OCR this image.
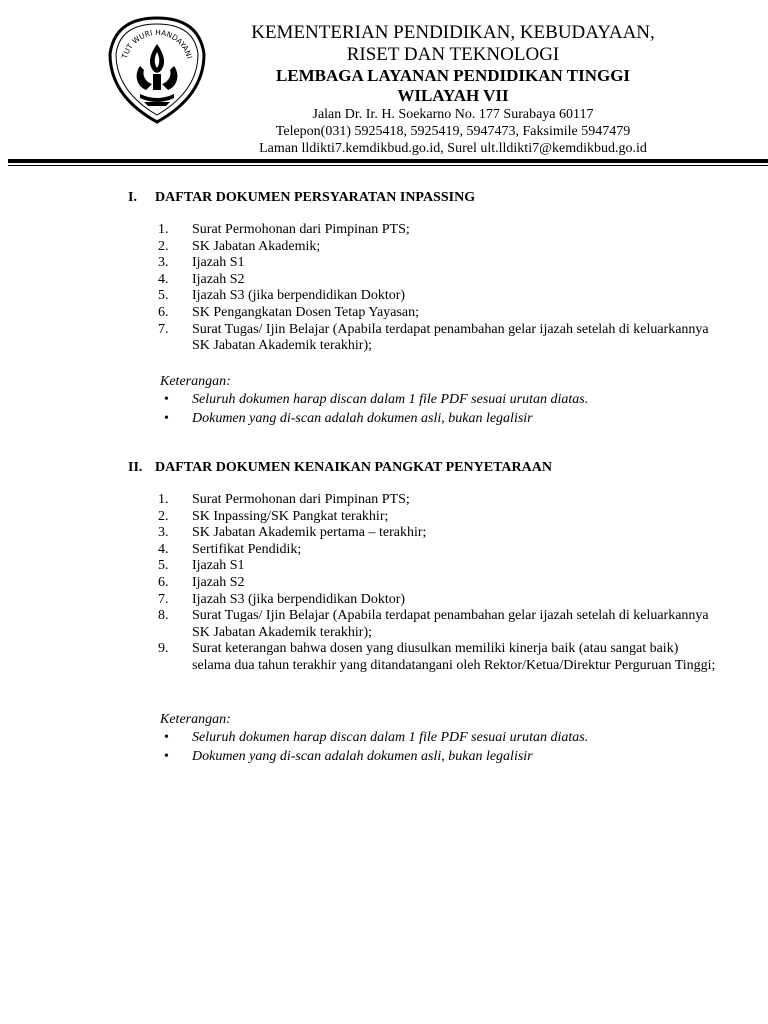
TUT WURI HANDAYANI
KEMENTERIAN PENDIDIKAN, KEBUDAYAAN,
RISET DAN TEKNOLOGI
LEMBAGA LAYANAN PENDIDIKAN TINGGI
WILAYAH VII
Jalan Dr. Ir. H. Soekarno No. 177 Surabaya 60117
Telepon(031) 5925418, 5925419, 5947473, Faksimile 5947479
Laman lldikti7.kemdikbud.go.id, Surel ult.lldikti7@kemdikbud.go.id
I. DAFTAR DOKUMEN PERSYARATAN INPASSING
1.	Surat Permohonan dari Pimpinan PTS;
2.	SK Jabatan Akademik;
3.	Ijazah S1
4.	Ijazah S2
5.	Ijazah S3 (jika berpendidikan Doktor)
6.	SK Pengangkatan Dosen Tetap Yayasan;
7.	Surat Tugas/ Ijin Belajar (Apabila terdapat penambahan gelar ijazah setelah di keluarkannya SK Jabatan Akademik terakhir);
Keterangan:
•	Seluruh dokumen harap discan dalam 1 file PDF sesuai urutan diatas.
•	Dokumen yang di-scan adalah dokumen asli, bukan legalisir
II. DAFTAR DOKUMEN KENAIKAN PANGKAT PENYETARAAN
1.	Surat Permohonan dari Pimpinan PTS;
2.	SK Inpassing/SK Pangkat terakhir;
3.	SK Jabatan Akademik pertama – terakhir;
4.	Sertifikat Pendidik;
5.	Ijazah S1
6.	Ijazah S2
7.	Ijazah S3 (jika berpendidikan Doktor)
8.	Surat Tugas/ Ijin Belajar (Apabila terdapat penambahan gelar ijazah setelah di keluarkannya SK Jabatan Akademik terakhir);
9.	Surat keterangan bahwa dosen yang diusulkan memiliki kinerja baik (atau sangat baik) selama dua tahun terakhir yang ditandatangani oleh Rektor/Ketua/Direktur Perguruan Tinggi;
Keterangan:
•	Seluruh dokumen harap discan dalam 1 file PDF sesuai urutan diatas.
•	Dokumen yang di-scan adalah dokumen asli, bukan legalisir
